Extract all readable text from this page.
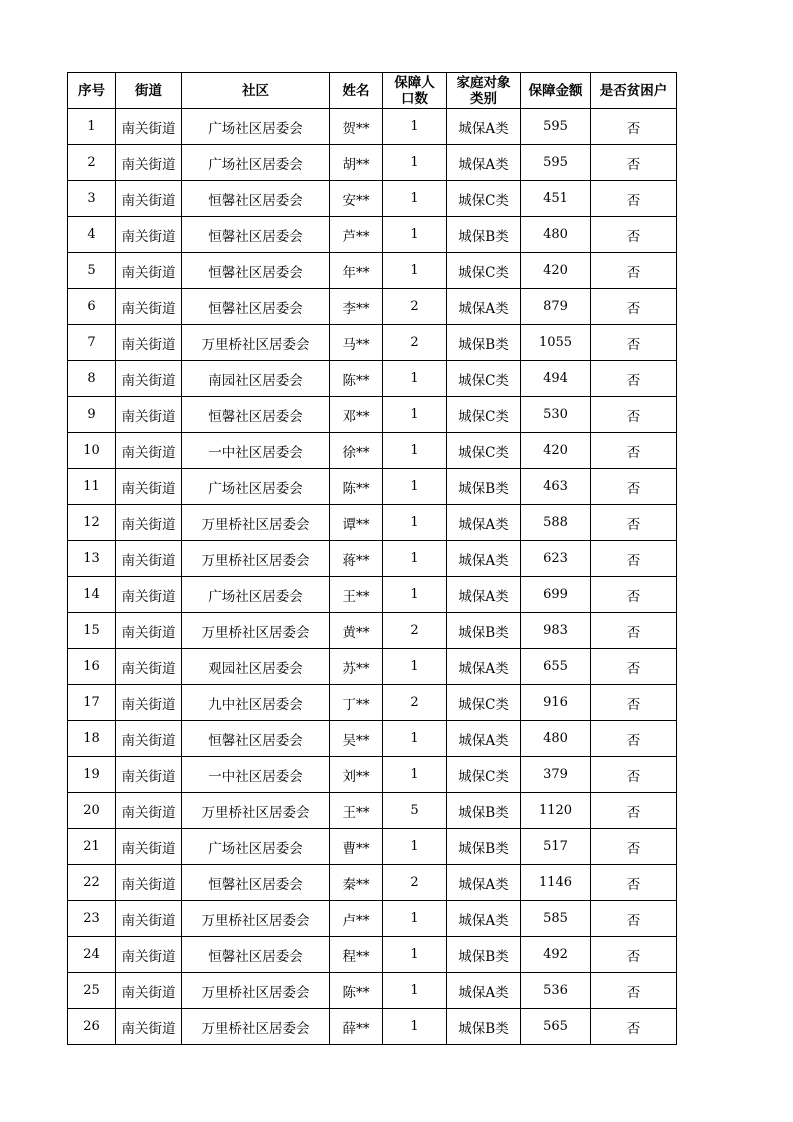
序号	街道	社区	姓名	保障人口数	家庭对象类别	保障金额	是否贫困户
1	南关街道	广场社区居委会	贺**	1	城保A类	595	否
2	南关街道	广场社区居委会	胡**	1	城保A类	595	否
3	南关街道	恒馨社区居委会	安**	1	城保C类	451	否
4	南关街道	恒馨社区居委会	芦**	1	城保B类	480	否
5	南关街道	恒馨社区居委会	年**	1	城保C类	420	否
6	南关街道	恒馨社区居委会	李**	2	城保A类	879	否
7	南关街道	万里桥社区居委会	马**	2	城保B类	1055	否
8	南关街道	南园社区居委会	陈**	1	城保C类	494	否
9	南关街道	恒馨社区居委会	邓**	1	城保C类	530	否
10	南关街道	一中社区居委会	徐**	1	城保C类	420	否
11	南关街道	广场社区居委会	陈**	1	城保B类	463	否
12	南关街道	万里桥社区居委会	谭**	1	城保A类	588	否
13	南关街道	万里桥社区居委会	蒋**	1	城保A类	623	否
14	南关街道	广场社区居委会	王**	1	城保A类	699	否
15	南关街道	万里桥社区居委会	黄**	2	城保B类	983	否
16	南关街道	观园社区居委会	苏**	1	城保A类	655	否
17	南关街道	九中社区居委会	丁**	2	城保C类	916	否
18	南关街道	恒馨社区居委会	吴**	1	城保A类	480	否
19	南关街道	一中社区居委会	刘**	1	城保C类	379	否
20	南关街道	万里桥社区居委会	王**	5	城保B类	1120	否
21	南关街道	广场社区居委会	曹**	1	城保B类	517	否
22	南关街道	恒馨社区居委会	秦**	2	城保A类	1146	否
23	南关街道	万里桥社区居委会	卢**	1	城保A类	585	否
24	南关街道	恒馨社区居委会	程**	1	城保B类	492	否
25	南关街道	万里桥社区居委会	陈**	1	城保A类	536	否
26	南关街道	万里桥社区居委会	薛**	1	城保B类	565	否
